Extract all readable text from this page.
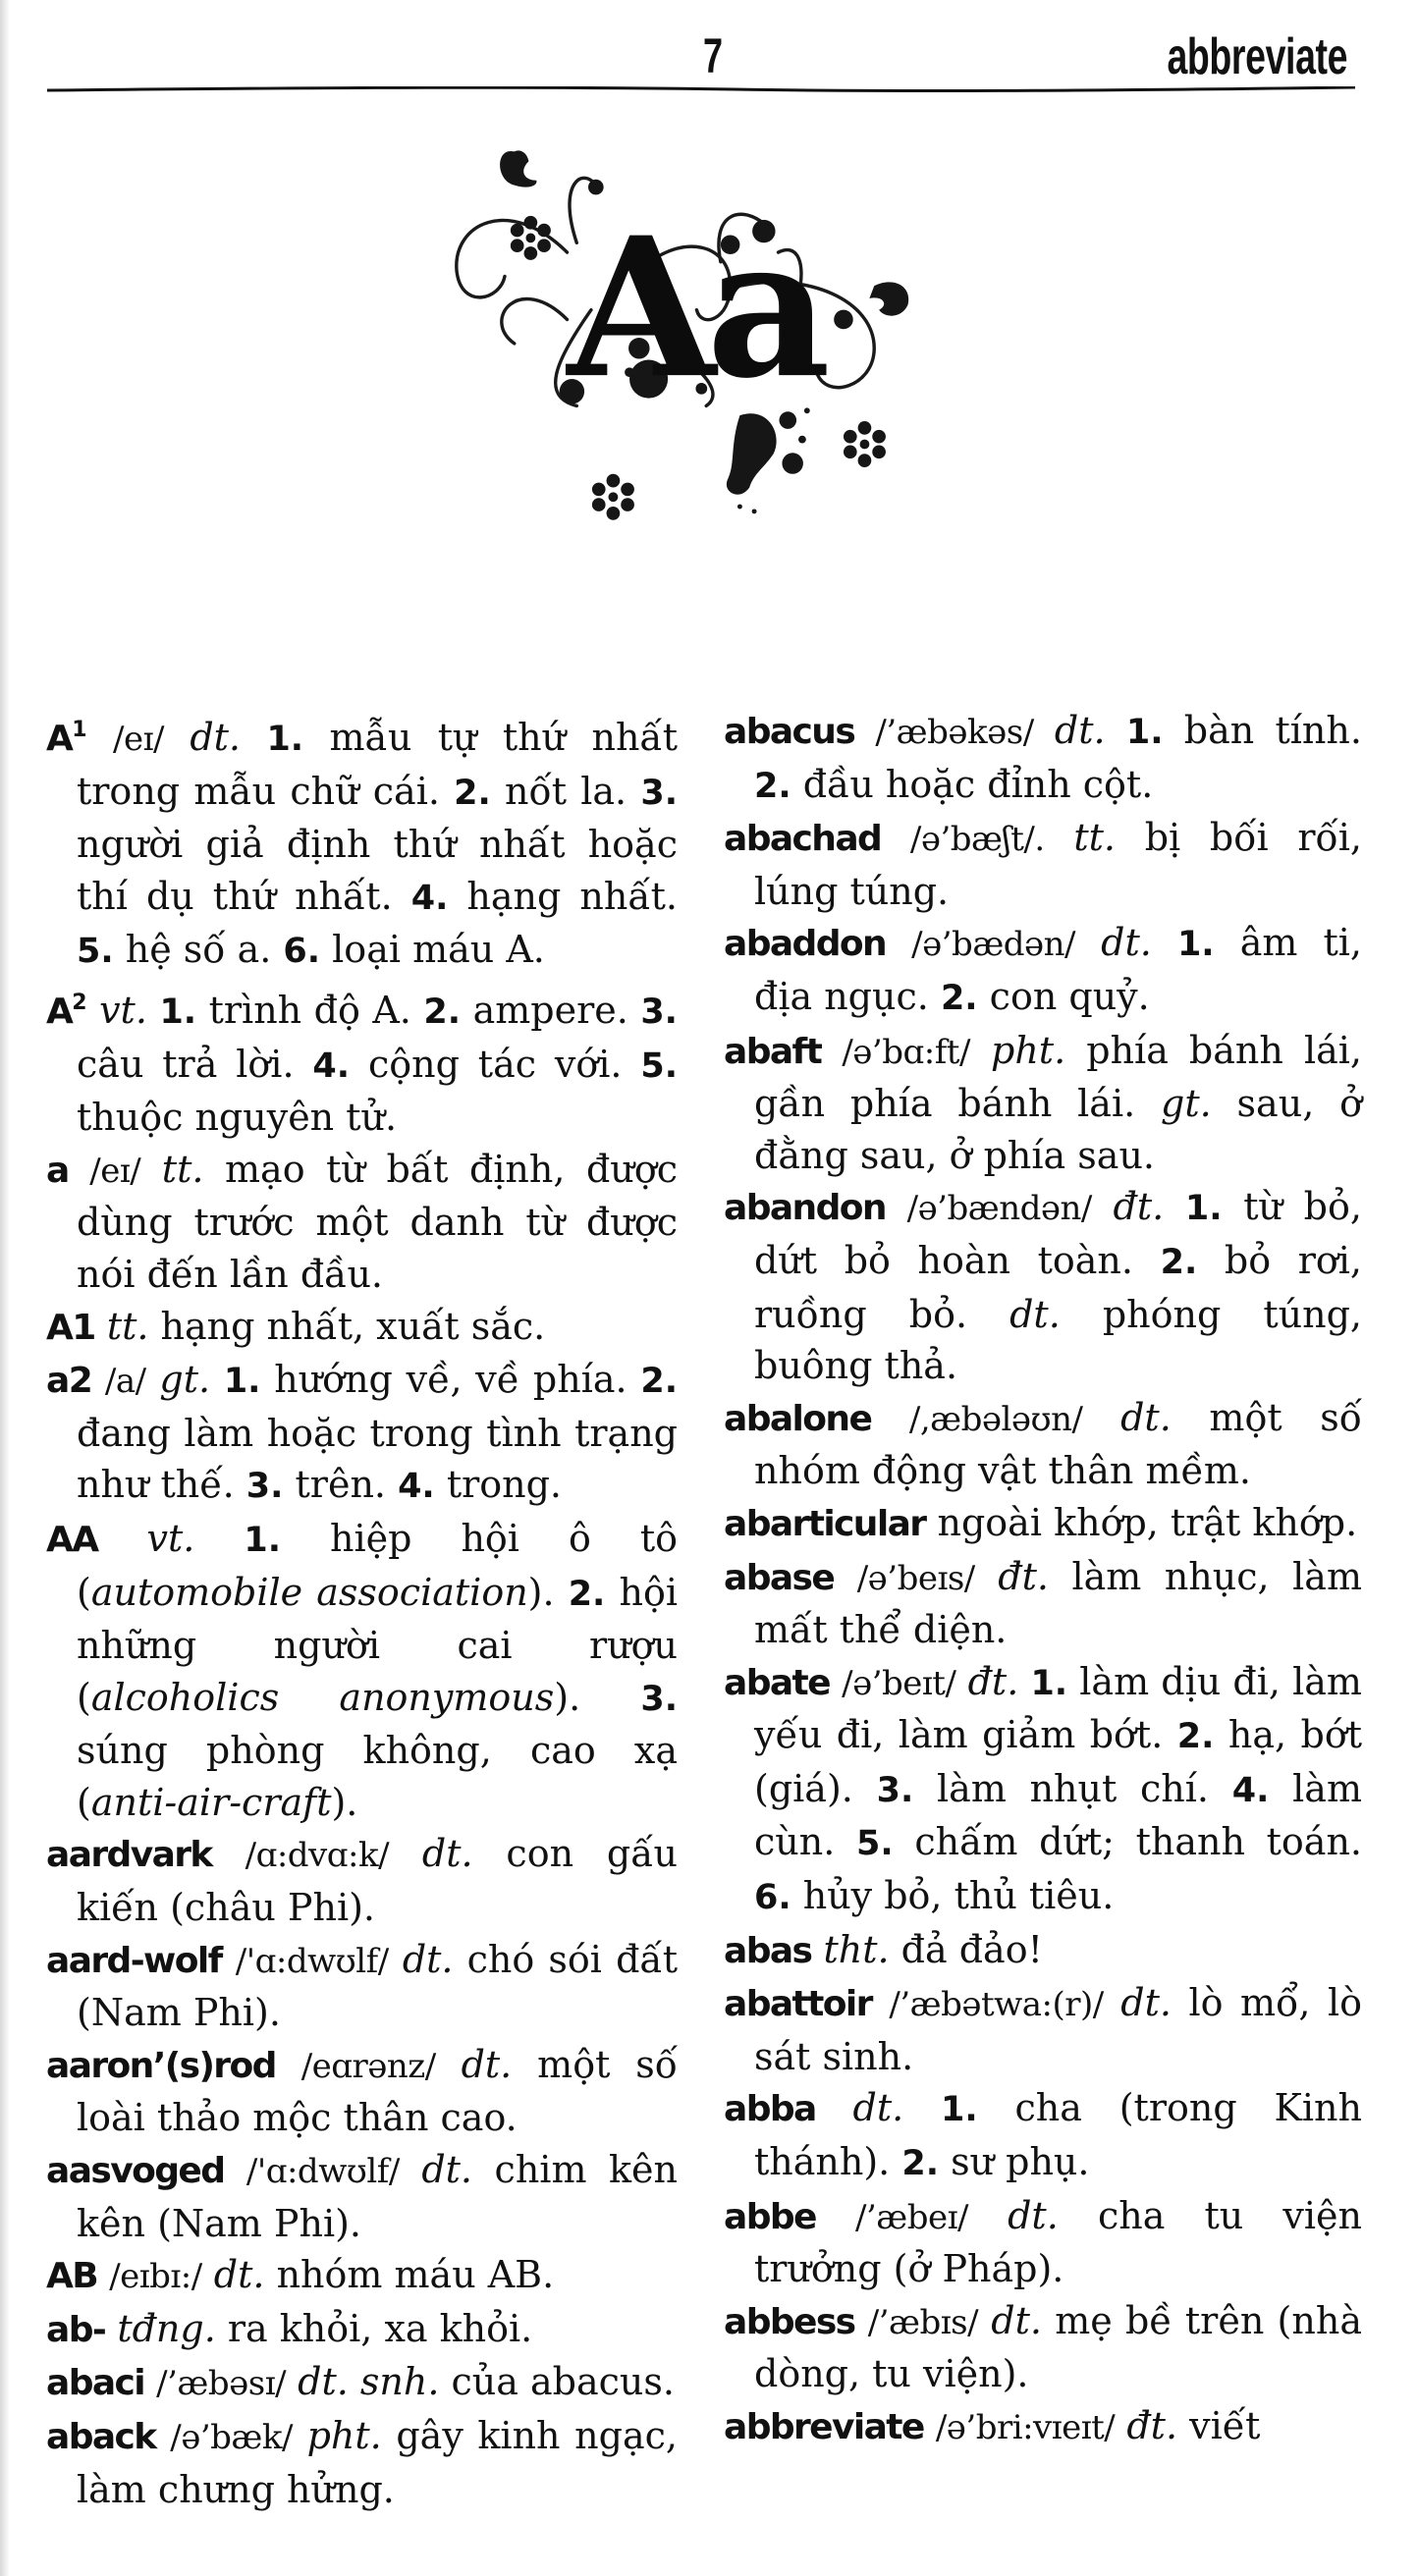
7	abbreviate
Aa

$A^1$ /eɪ/ dt. 1. mẫu tự thứ nhất trong mẫu chữ cái. 2. nốt la. 3. người giả định thứ nhất hoặc thí dụ thứ nhất. 4. hạng nhất. 5. hệ số a. 6. loại máu A.

$A^2$ vt. 1. trình độ A. 2. ampere. 3. câu trả lời. 4. cộng tác với. 5. thuộc nguyên tử.

a /eɪ/ tt. mạo từ bất định, được dùng trước một danh từ được nói đến lần đầu.

A1 tt. hạng nhất, xuất sắc.

a2 /a/ gt. 1. hướng về, về phía. 2. đang làm hoặc trong tình trạng như thế. 3. trên. 4. trong.

AA vt. 1. hiệp hội ô tô (automobile association). 2. hội những người cai rượu (alcoholics anonymous). 3. súng phòng không, cao xạ (anti-air-craft).

aardvark /ɑ:dvɑ:k/ dt. con gấu kiến (châu Phi).

aard-wolf /'ɑ:dwʊlf/ dt. chó sói đất (Nam Phi).

aaron’(s)rod /eɑrənz/ dt. một số loài thảo mộc thân cao.

aasvoged /'ɑ:dwʊlf/ dt. chim kên kên (Nam Phi).

AB /eɪbɪ:/ dt. nhóm máu AB.

ab- tđng. ra khỏi, xa khỏi.

abaci /’æbəsɪ/ dt. snh. của abacus.

aback /ə’bæk/ pht. gây kinh ngạc, làm chưng hửng.

abacus /’æbəkəs/ dt. 1. bàn tính. 2. đầu hoặc đỉnh cột.

abachad /ə’bæʃt/. tt. bị bối rối, lúng túng.

abaddon /ə’bædən/ dt. 1. âm ti, địa ngục. 2. con quỷ.

abaft /ə’bɑ:ft/ pht. phía bánh lái, gần phía bánh lái. gt. sau, ở đằng sau, ở phía sau.

abandon /ə’bændən/ đt. 1. từ bỏ, dứt bỏ hoàn toàn. 2. bỏ rơi, ruồng bỏ. dt. phóng túng, buông thả.

abalone /,æbələʊn/ dt. một số nhóm động vật thân mềm.

abarticular ngoài khớp, trật khớp.

abase /ə’beɪs/ đt. làm nhục, làm mất thể diện.

abate /ə’beɪt/ đt. 1. làm dịu đi, làm yếu đi, làm giảm bớt. 2. hạ, bớt (giá). 3. làm nhụt chí. 4. làm cùn. 5. chấm dứt; thanh toán. 6. hủy bỏ, thủ tiêu.

abas tht. đả đảo!

abattoir /’æbətwa:(r)/ dt. lò mổ, lò sát sinh.

abba dt. 1. cha (trong Kinh thánh). 2. sư phụ.

abbe /’æbeɪ/ dt. cha tu viện trưởng (ở Pháp).

abbess /’æbɪs/ dt. mẹ bề trên (nhà dòng, tu viện).

abbreviate /ə’bri:vɪeɪt/ đt. viết
